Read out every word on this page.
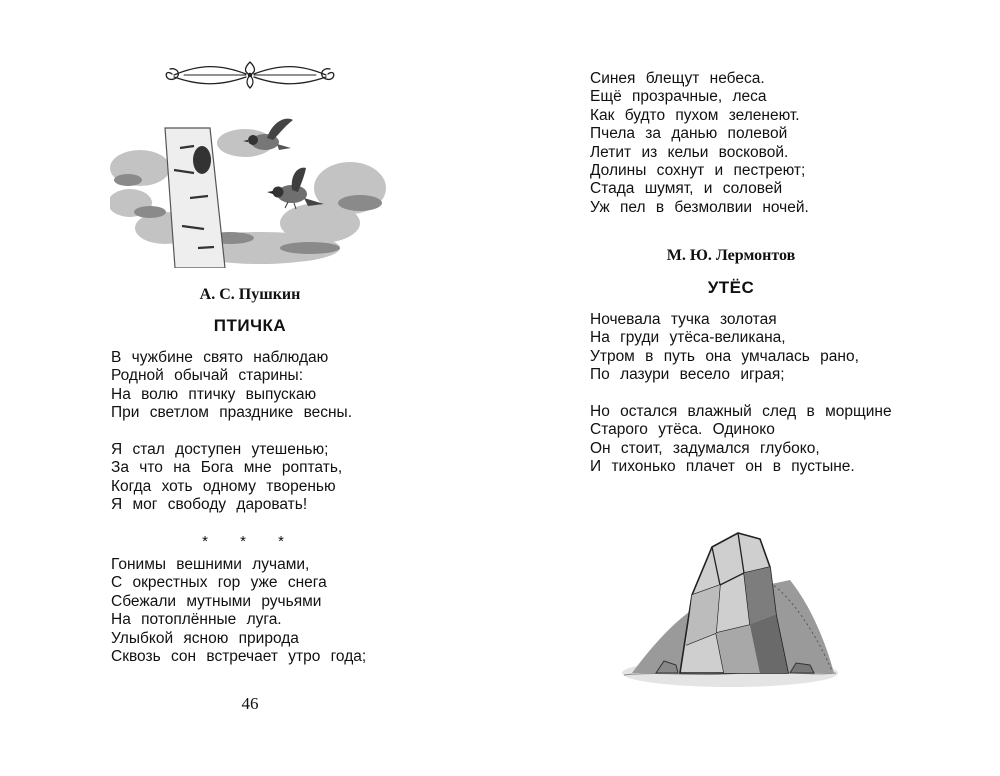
А. С. Пушкин
ПТИЧКА
В чужбине свято наблюдаю
Родной обычай старины:
На волю птичку выпускаю
При светлом празднике весны.
Я стал доступен утешенью;
За что на Бога мне роптать,
Когда хоть одному творенью
Я мог свободу даровать!
* * *
Гонимы вешними лучами,
С окрестных гор уже снега
Сбежали мутными ручьями
На потоплённые луга.
Улыбкой ясною природа
Сквозь сон встречает утро года;
46
Синея блещут небеса.
Ещё прозрачные, леса
Как будто пухом зеленеют.
Пчела за данью полевой
Летит из кельи восковой.
Долины сохнут и пестреют;
Стада шумят, и соловей
Уж пел в безмолвии ночей.
М. Ю. Лермонтов
УТЁС
Ночевала тучка золотая
На груди утёса-великана,
Утром в путь она умчалась рано,
По лазури весело играя;
Но остался влажный след в морщине
Старого утёса. Одиноко
Он стоит, задумался глубоко,
И тихонько плачет он в пустыне.
